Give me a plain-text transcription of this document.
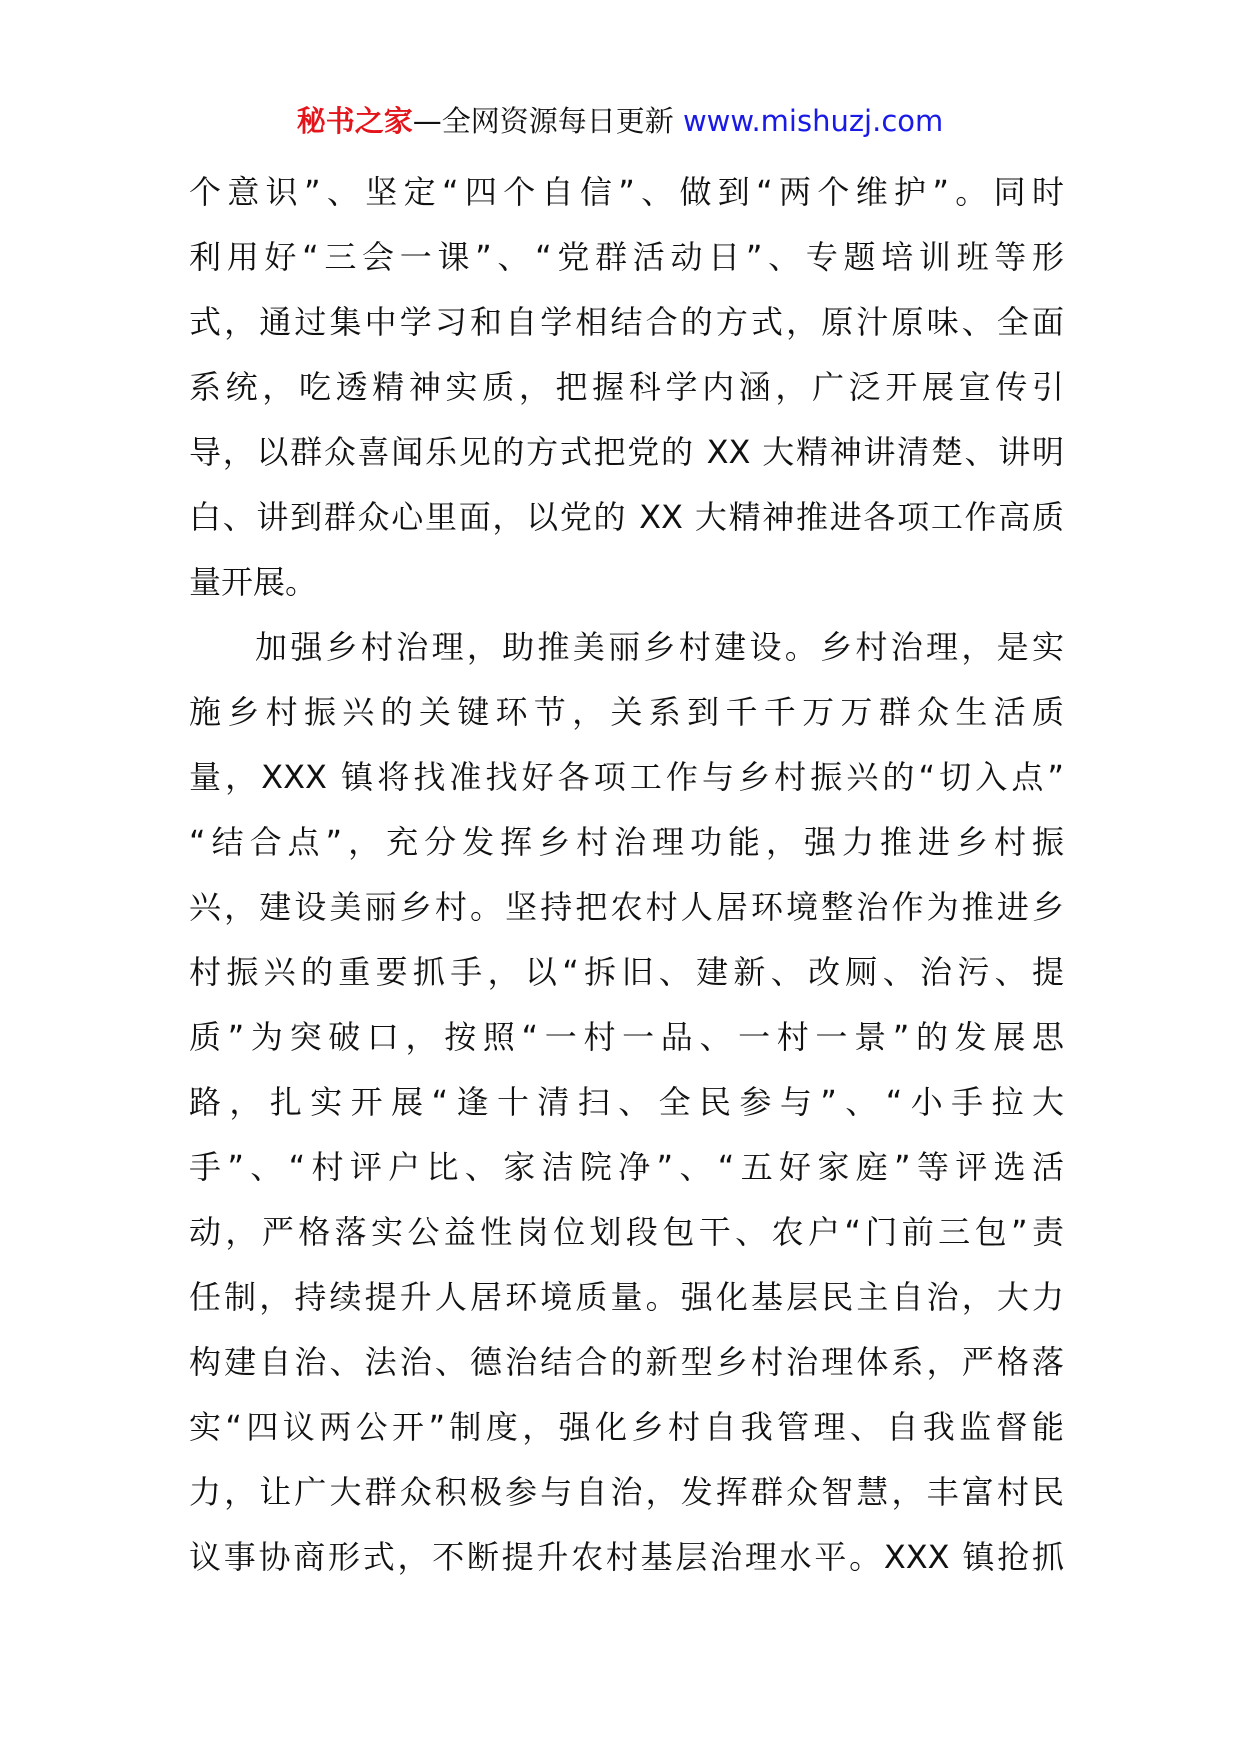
秘书之家—全网资源每日更新 www.mishuzj.com
个意识”、坚定“四个自信”、做到“两个维护”。同时
利用好“三会一课”、“党群活动日”、专题培训班等形
式，通过集中学习和自学相结合的方式，原汁原味、全面
系统，吃透精神实质，把握科学内涵，广泛开展宣传引
导，以群众喜闻乐见的方式把党的 XX 大精神讲清楚、讲明
白、讲到群众心里面，以党的 XX 大精神推进各项工作高质
量开展。
加强乡村治理，助推美丽乡村建设。乡村治理，是实
施乡村振兴的关键环节，关系到千千万万群众生活质
量，XXX 镇将找准找好各项工作与乡村振兴的“切入点”
“结合点”，充分发挥乡村治理功能，强力推进乡村振
兴，建设美丽乡村。坚持把农村人居环境整治作为推进乡
村振兴的重要抓手，以“拆旧、建新、改厕、治污、提
质”为突破口，按照“一村一品、一村一景”的发展思
路，扎实开展“逢十清扫、全民参与”、“小手拉大
手”、“村评户比、家洁院净”、“五好家庭”等评选活
动，严格落实公益性岗位划段包干、农户“门前三包”责
任制，持续提升人居环境质量。强化基层民主自治，大力
构建自治、法治、德治结合的新型乡村治理体系，严格落
实“四议两公开”制度，强化乡村自我管理、自我监督能
力，让广大群众积极参与自治，发挥群众智慧，丰富村民
议事协商形式，不断提升农村基层治理水平。XXX 镇抢抓
